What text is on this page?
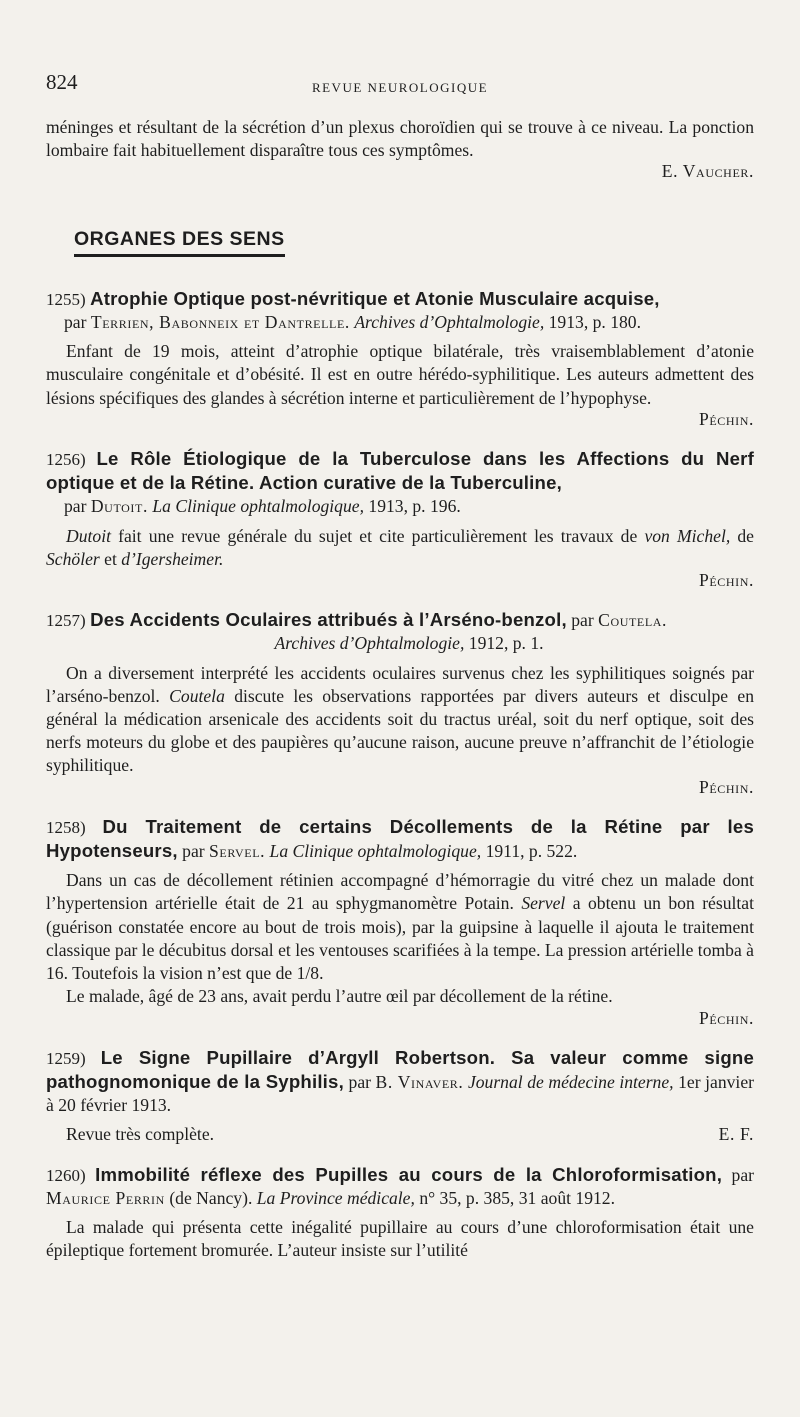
824	REVUE NEUROLOGIQUE

méninges et résultant de la sécrétion d’un plexus choroïdien qui se trouve à ce niveau. La ponction lombaire fait habituellement disparaître tous ces symptômes.

E. Vaucher.

ORGANES DES SENS

1255) Atrophie Optique post-névritique et Atonie Musculaire acquise,

par Terrien, Babonneix et Dantrelle. Archives d’Ophtalmologie, 1913, p. 180.

Enfant de 19 mois, atteint d’atrophie optique bilatérale, très vraisemblablement d’atonie musculaire congénitale et d’obésité. Il est en outre hérédo-syphilitique. Les auteurs admettent des lésions spécifiques des glandes à sécrétion interne et particulièrement de l’hypophyse.

Péchin.

1256) Le Rôle Étiologique de la Tuberculose dans les Affections du Nerf optique et de la Rétine. Action curative de la Tuberculine,

par Dutoit. La Clinique ophtalmologique, 1913, p. 196.

Dutoit fait une revue générale du sujet et cite particulièrement les travaux de von Michel, de Schöler et d’Igersheimer.

Péchin.

1257) Des Accidents Oculaires attribués à l’Arséno-benzol, par Coutela.

Archives d’Ophtalmologie, 1912, p. 1.

On a diversement interprété les accidents oculaires survenus chez les syphilitiques soignés par l’arséno-benzol. Coutela discute les observations rapportées par divers auteurs et disculpe en général la médication arsenicale des accidents soit du tractus uréal, soit du nerf optique, soit des nerfs moteurs du globe et des paupières qu’aucune raison, aucune preuve n’affranchit de l’étiologie syphilitique.

Péchin.

1258) Du Traitement de certains Décollements de la Rétine par les Hypotenseurs, par Servel. La Clinique ophtalmologique, 1911, p. 522.

Dans un cas de décollement rétinien accompagné d’hémorragie du vitré chez un malade dont l’hypertension artérielle était de 21 au sphygmanomètre Potain. Servel a obtenu un bon résultat (guérison constatée encore au bout de trois mois), par la guipsine à laquelle il ajouta le traitement classique par le décubitus dorsal et les ventouses scarifiées à la tempe. La pression artérielle tomba à 16. Toutefois la vision n’est que de 1/8.

Le malade, âgé de 23 ans, avait perdu l’autre œil par décollement de la rétine.

Péchin.

1259) Le Signe Pupillaire d’Argyll Robertson. Sa valeur comme signe pathognomonique de la Syphilis, par B. Vinaver. Journal de médecine interne, 1er janvier à 20 février 1913.

Revue très complète.	E. F.

1260) Immobilité réflexe des Pupilles au cours de la Chloroformisation, par Maurice Perrin (de Nancy). La Province médicale, n° 35, p. 385, 31 août 1912.

La malade qui présenta cette inégalité pupillaire au cours d’une chloroformisation était une épileptique fortement bromurée. L’auteur insiste sur l’utilité
